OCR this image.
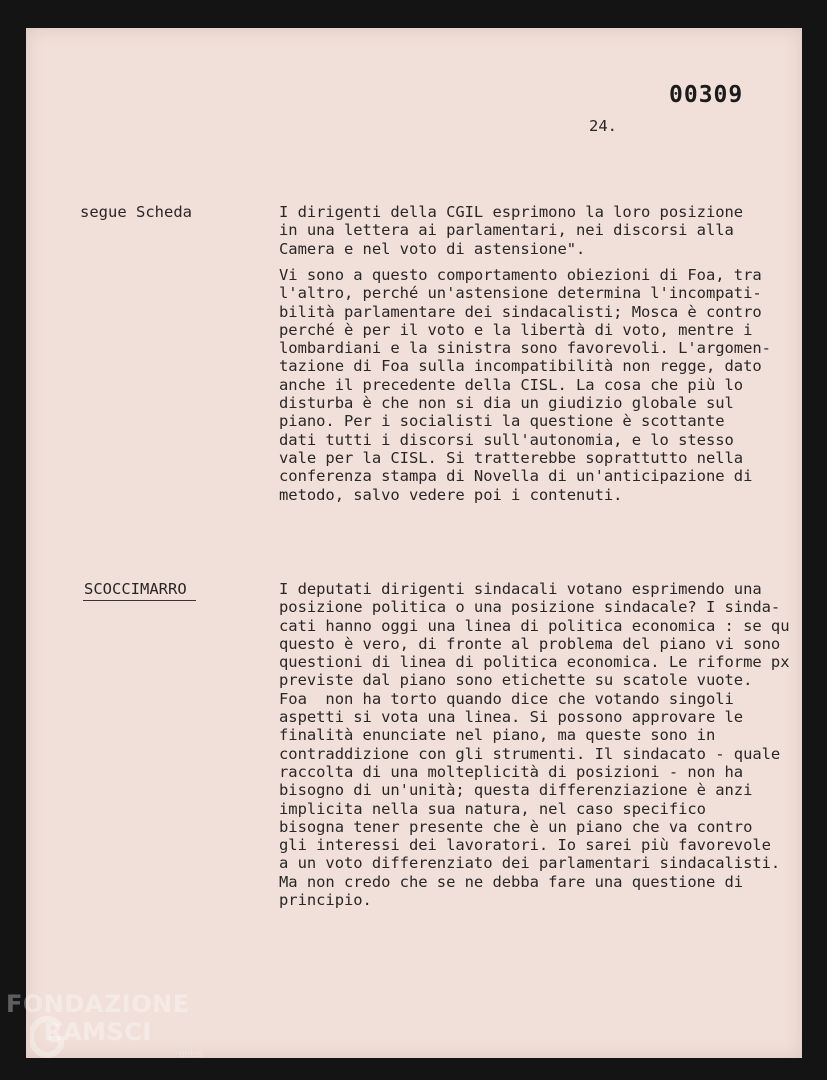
00309
24.
segue Scheda	I dirigenti della CGIL esprimono la loro posizione
in una lettera ai parlamentari, nei discorsi alla
Camera e nel voto di astensione".
Vi sono a questo comportamento obiezioni di Foa, tra
l'altro, perché un'astensione determina l'incompati-
bilità parlamentare dei sindacalisti; Mosca è contro
perché è per il voto e la libertà di voto, mentre i
lombardiani e la sinistra sono favorevoli. L'argomen-
tazione di Foa sulla incompatibilità non regge, dato
anche il precedente della CISL. La cosa che più lo
disturba è che non si dia un giudizio globale sul
piano. Per i socialisti la questione è scottante
dati tutti i discorsi sull'autonomia, e lo stesso
vale per la CISL. Si tratterebbe soprattutto nella
conferenza stampa di Novella di un'anticipazione di
metodo, salvo vedere poi i contenuti.
SCOCCIMARRO	I deputati dirigenti sindacali votano esprimendo una
posizione politica o una posizione sindacale? I sinda-
cati hanno oggi una linea di politica economica : se qu
questo è vero, di fronte al problema del piano vi sono
questioni di linea di politica economica. Le riforme px
previste dal piano sono etichette su scatole vuote.
Foa  non ha torto quando dice che votando singoli
aspetti si vota una linea. Si possono approvare le
finalità enunciate nel piano, ma queste sono in
contraddizione con gli strumenti. Il sindacato - quale
raccolta di una molteplicità di posizioni - non ha
bisogno di un'unità; questa differenziazione è anzi
implicita nella sua natura, nel caso specifico
bisogna tener presente che è un piano che va contro
gli interessi dei lavoratori. Io sarei più favorevole
a un voto differenziato dei parlamentari sindacalisti.
Ma non credo che se ne debba fare una questione di
principio.
FONDAZIONE
RAMSCI
onlus
